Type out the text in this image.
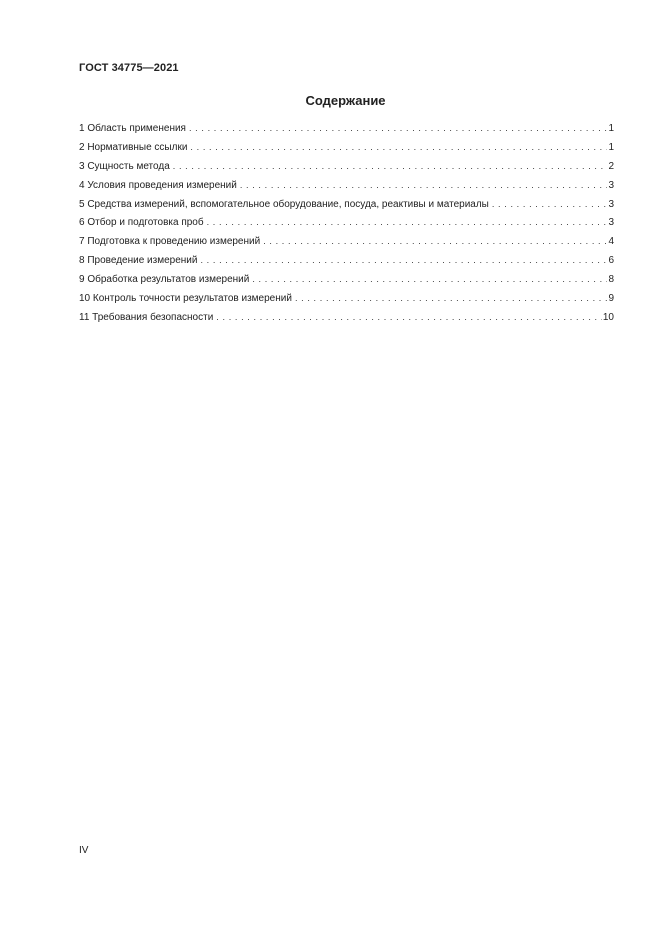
ГОСТ 34775—2021
Содержание
1 Область применения . . .	1
2 Нормативные ссылки . . .	1
3 Сущность метода . . .	2
4 Условия проведения измерений . . .	3
5 Средства измерений, вспомогательное оборудование, посуда, реактивы и материалы . . .	3
6 Отбор и подготовка проб . . .	3
7 Подготовка к проведению измерений . . .	4
8 Проведение измерений . . .	6
9 Обработка результатов измерений . . .	8
10 Контроль точности результатов измерений . . .	9
11 Требования безопасности . . .	10
IV
